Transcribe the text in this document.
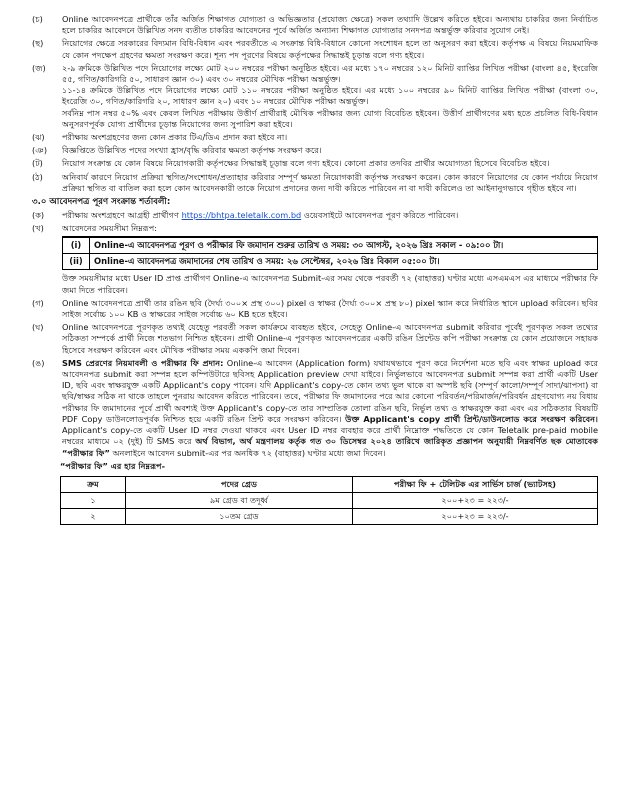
(চ)	Online আবেদনপত্রে প্রার্থীকে তাঁর অর্জিত শিক্ষাগত যোগ্যতা ও অভিজ্ঞতার (প্রযোজ্য ক্ষেত্রে) সকল তথ্যাদি উল্লেখ করিতে হইবে। অন্যথায় চাকরির জন্য নির্বাচিত হলে চাকরির আবেদনে উল্লিখিত সনদ ব্যতীত চাকরির আবেদনের পূর্বে অর্জিত অন্যান্য শিক্ষাগত যোগ্যতার সনদপত্র অন্তর্ভুক্ত করিবার সুযোগ নেই।

(ছ)	নিয়োগের ক্ষেত্রে সরকারের বিদ্যমান বিধি-বিধান এবং পরবর্তীতে এ সংক্রান্ত বিধি-বিধানে কোনো সংশোধন হলে তা অনুসরণ করা হইবে। কর্তৃপক্ষ এ বিষয়ে নিয়মমাফিক যে কোন পদক্ষেপ গ্রহণের ক্ষমতা সংরক্ষণ করে। শূন্য পদ পূরণের বিষয়ে কর্তৃপক্ষের সিদ্ধান্তই চূড়ান্ত বলে গণ্য হইবে।

(জ)	২-৯ ক্রমিকে উল্লিখিত পদে নিয়োগের লক্ষ্যে মোট ২০০ নম্বরের পরীক্ষা অনুষ্ঠিত হইবে। এর মধ্যে ১৭০ নম্বরের ১২০ মিনিট ব্যাপ্তির লিখিত পরীক্ষা (বাংলা ৪৫, ইংরেজি ৫৫, গণিত/কারিগরি ৫০, সাধারণ জ্ঞান ৩০) এবং ৩০ নম্বরের মৌখিক পরীক্ষা অন্তর্ভুক্ত।

১১-১৪ ক্রমিকে উল্লিখিত পদে নিয়োগের লক্ষ্যে মোট ১১০ নম্বরের পরীক্ষা অনুষ্ঠিত হইবে। এর মধ্যে ১০০ নম্বরের ৯০ মিনিট ব্যাপ্তির লিখিত পরীক্ষা (বাংলা ৩০, ইংরেজি ৩০, গণিত/কারিগরি ২০, সাধারণ জ্ঞান ২০) এবং ১০ নম্বরের মৌখিক পরীক্ষা অন্তর্ভুক্ত।

সর্বনিম্ন পাস নম্বর ৫০% এবং কেবল লিখিত পরীক্ষায় উত্তীর্ণ প্রার্থীরাই মৌখিক পরীক্ষার জন্য যোগ্য বিবেচিত হইবেন। উত্তীর্ণ প্রার্থীগণের মধ্য হতে প্রচলিত বিধি-বিধান অনুসরণপূর্বক যোগ্য প্রার্থীদের চূড়ান্ত নিয়োগের জন্য সুপারিশ করা হইবে।

(ঝ)	পরীক্ষায় অংশগ্রহণের জন্য কোন প্রকার টিএ/ডিএ প্রদান করা হইবে না।

(ঞ)	বিজ্ঞপ্তিতে উল্লিখিত পদের সংখ্যা হ্রাস/বৃদ্ধি করিবার ক্ষমতা কর্তৃপক্ষ সংরক্ষণ করে।

(ট)	নিয়োগ সংক্রান্ত যে কোন বিষয়ে নিয়োগকারী কর্তৃপক্ষের সিদ্ধান্তই চূড়ান্ত বলে গণ্য হইবে। কোনো প্রকার তদবির প্রার্থীর অযোগ্যতা হিসেবে বিবেচিত হইবে।

(ঠ)	অনিবার্য কারণে নিয়োগ প্রক্রিয়া স্থগিত/সংশোধন/প্রত্যাহার করিবার সম্পূর্ণ ক্ষমতা নিয়োগকারী কর্তৃপক্ষ সংরক্ষণ করেন। কোন কারণে নিয়োগের যে কোন পর্যায়ে নিয়োগ প্রক্রিয়া স্থগিত বা বাতিল করা হলে কোন আবেদনকারী তাকে নিয়োগ প্রদানের জন্য দাবী করিতে পারিবেন না বা দাবী করিলেও তা আইনানুগভাবে গৃহীত হইবে না।

৩.০ আবেদনপত্র পূরণ সংক্রান্ত শর্তাবলী:
(ক)	পরীক্ষায় অংশগ্রহণে আগ্রহী প্রার্থীগণ https://bhtpa.teletalk.com.bd ওয়েবসাইটে আবেদনপত্র পূরণ করিতে পারিবেন।
(খ)	আবেদনের সময়সীমা নিম্নরূপ:

(i)	Online-এ আবেদনপত্র পূরণ ও পরীক্ষার ফি জমাদান শুরুর তারিখ ও সময়: ৩০ আগস্ট, ২০২৬ খ্রিঃ সকাল - ০৯:০০ টা।
(ii)	Online-এ আবেদনপত্র জমাদানের শেষ তারিখ ও সময়: ২৬ সেপ্টেম্বর, ২০২৬ খ্রিঃ বিকাল ০৫:০০ টা।

উক্ত সময়সীমার মধ্যে User ID প্রাপ্ত প্রার্থীগণ Online-এ আবেদনপত্র Submit-এর সময় থেকে পরবর্তী ৭২ (বাহাত্তর) ঘণ্টার মধ্যে এসএমএস এর মাধ্যমে পরীক্ষার ফি জমা দিতে পারিবেন।

(গ)	Online আবেদনপত্রে প্রার্থী তার রঙিন ছবি (দৈর্ঘ্য ৩০০× প্রস্থ ৩০০) pixel ও স্বাক্ষর (দৈর্ঘ্য ৩০০× প্রস্থ ৮০) pixel স্ক্যান করে নির্ধারিত স্থানে upload করিবেন। ছবির সাইজ সর্বোচ্চ ১০০ KB ও স্বাক্ষরের সাইজ সর্বোচ্চ ৬০ KB হতে হইবে।

(ঘ)	Online আবেদনপত্রে পূরণকৃত তথ্যই যেহেতু পরবর্তী সকল কার্যক্রমে ব্যবহৃত হইবে, সেহেতু Online-এ আবেদনপত্র submit করিবার পূর্বেই পূরণকৃত সকল তথ্যের সঠিকতা সম্পর্কে প্রার্থী নিজে শতভাগ নিশ্চিত হইবেন। প্রার্থী Online-এ পূরণকৃত আবেদনপত্রের একটি রঙিন প্রিন্টেড কপি পরীক্ষা সংক্রান্ত যে কোন প্রয়োজনে সহায়ক হিসেবে সংরক্ষণ করিবেন এবং মৌখিক পরীক্ষার সময় এককপি জমা দিবেন।

(ঙ)	SMS প্রেরণের নিয়মাবলী ও পরীক্ষার ফি প্রদান: Online-এ আবেদন (Application form) যথাযথভাবে পূরণ করে নির্দেশনা মতে ছবি এবং স্বাক্ষর upload করে আবেদনপত্র submit করা সম্পন্ন হলে কম্পিউটারে ছবিসহ Application preview দেখা যাইবে। নির্ভুলভাবে আবেদনপত্র submit সম্পন্ন করা প্রার্থী একটি User ID, ছবি এবং স্বাক্ষরযুক্ত একটি Applicant's copy পাবেন। যদি Applicant's copy-তে কোন তথ্য ভুল থাকে বা অস্পষ্ট ছবি (সম্পূর্ণ কালো/সম্পূর্ণ সাদা/ঝাপসা) বা ছবি/স্বাক্ষর সঠিক না থাকে তাহলে পুনরায় আবেদন করিতে পারিবেন। তবে, পরীক্ষার ফি জমাদানের পরে আর কোনো পরিবর্তন/পরিমার্জন/পরিবর্ধন গ্রহণযোগ্য নয় বিধায় পরীক্ষার ফি জমাদানের পূর্বে প্রার্থী অবশ্যই উক্ত Applicant's copy-তে তার সাম্প্রতিক তোলা রঙিন ছবি, নির্ভুল তথ্য ও স্বাক্ষরযুক্ত করা এবং এর সঠিকতার বিষয়টি PDF Copy ডাউনলোডপূর্বক নিশ্চিত হয়ে একটি রঙিন প্রিন্ট করে সংরক্ষণ করিবেন। উক্ত Applicant's copy প্রার্থী প্রিন্ট/ডাউনলোড করে সংরক্ষণ করিবেন। Applicant's copy-তে একটি User ID নম্বর দেওয়া থাকবে এবং User ID নম্বর ব্যবহার করে প্রার্থী নিম্নোক্ত পদ্ধতিতে যে কোন Teletalk pre-paid mobile নম্বরের মাধ্যমে ০২ (দুই) টি SMS করে অর্থ বিভাগ, অর্থ মন্ত্রণালয় কর্তৃক গত ৩০ ডিসেম্বর ২০২৪ তারিখে জারিকৃত প্রজ্ঞাপন অনুযায়ী নিম্নবর্ণিত ছক মোতাবেক “পরীক্ষার ফি” অনলাইনে আবেদন submit-এর পর অনধিক ৭২ (বাহাত্তর) ঘণ্টার মধ্যে জমা দিবেন।

“পরীক্ষার ফি” এর হার নিম্নরূপ-
ক্রম	পদের গ্রেড	পরীক্ষা ফি + টেলিটক এর সার্ভিস চার্জ (ভ্যাটসহ)
১	৯ম গ্রেড বা তদূর্ধ্ব	২০০+২৩ = ২২৩/-
২	১০তম গ্রেড	২০০+২৩ = ২২৩/-
